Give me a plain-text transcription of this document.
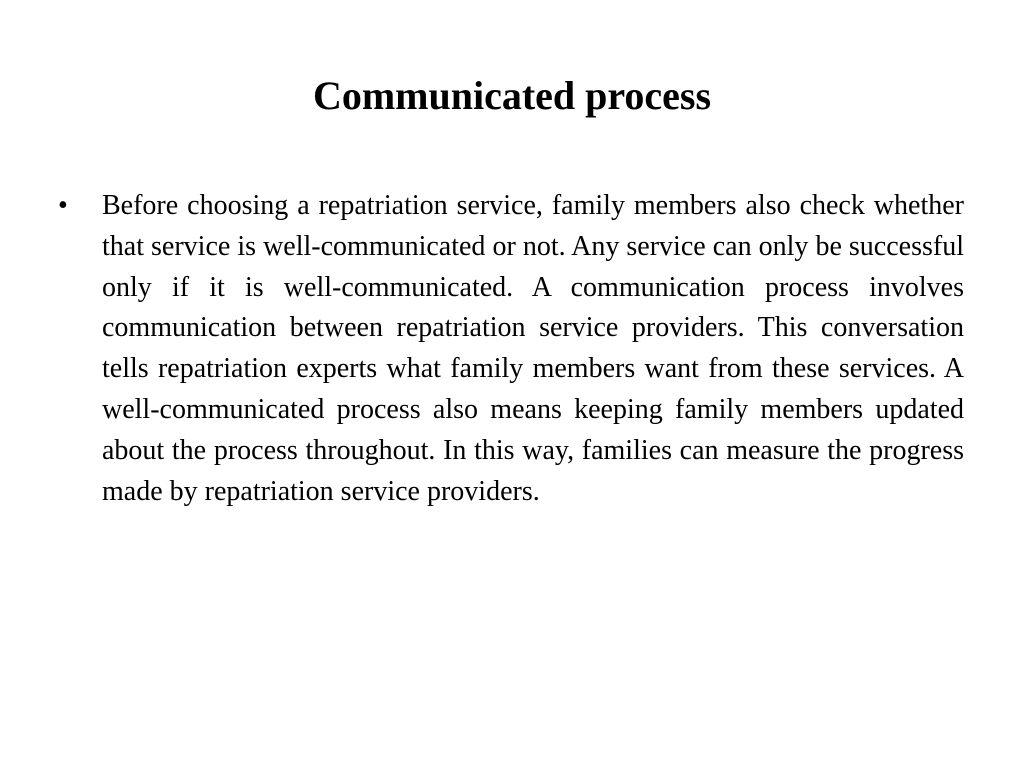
Communicated process
•	Before choosing a repatriation service, family members also check whether that service is well-communicated or not. Any service can only be successful only if it is well-communicated. A communication process involves communication between repatriation service providers. This conversation tells repatriation experts what family members want from these services. A well-communicated process also means keeping family members updated about the process throughout. In this way, families can measure the progress made by repatriation service providers.
